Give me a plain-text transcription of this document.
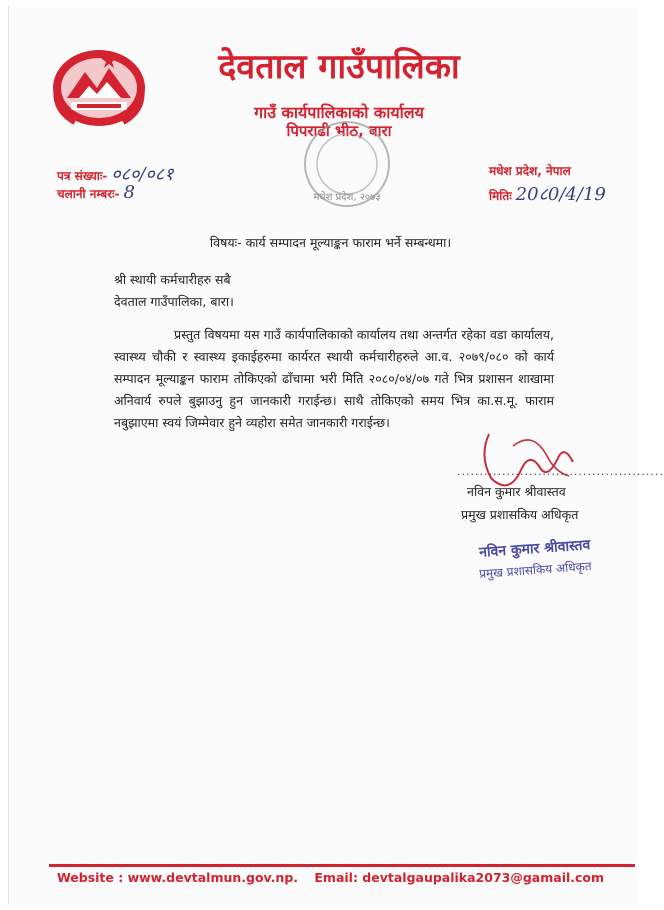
देवताल गाउँपालिका
गाउँ कार्यपालिकाको कार्यालय
पिपराढी भीठ, बारा
मधेश प्रदेश, २०७३
पत्र संख्याः- ०८०/०८१
चलानी नम्बरः- 8
मधेश प्रदेश, नेपाल
मितिः 20८0/4/19
विषयः- कार्य सम्पादन मूल्याङ्कन फाराम भर्ने सम्बन्धमा।
श्री स्थायी कर्मचारीहरु सबै
देवताल गाउँपालिका, बारा।
प्रस्तुत विषयमा यस गाउँ कार्यपालिकाको कार्यालय तथा अन्तर्गत रहेका वडा कार्यालय, स्वास्थ्य चौकी र स्वास्थ्य इकाईहरुमा कार्यरत स्थायी कर्मचारीहरुले आ.व. २०७९/०८० को कार्य सम्पादन मूल्याङ्कन फाराम तोकिएको ढाँचामा भरी मिति २०८०/०४/०७ गते भित्र प्रशासन शाखामा अनिवार्य रुपले बुझाउनु हुन जानकारी गराईन्छ। साथै तोकिएको समय भित्र का.स.मू. फाराम नबुझाएमा स्वयं जिम्मेवार हुने व्यहोरा समेत जानकारी गराईन्छ।
..............................................
नविन कुमार श्रीवास्तव
प्रमुख प्रशासकिय अधिकृत
नविन कुमार श्रीवास्तव
प्रमुख प्रशासकिय अधिकृत
Website : www.devtalmun.gov.np. Email: devtalgaupalika2073@gamail.com
